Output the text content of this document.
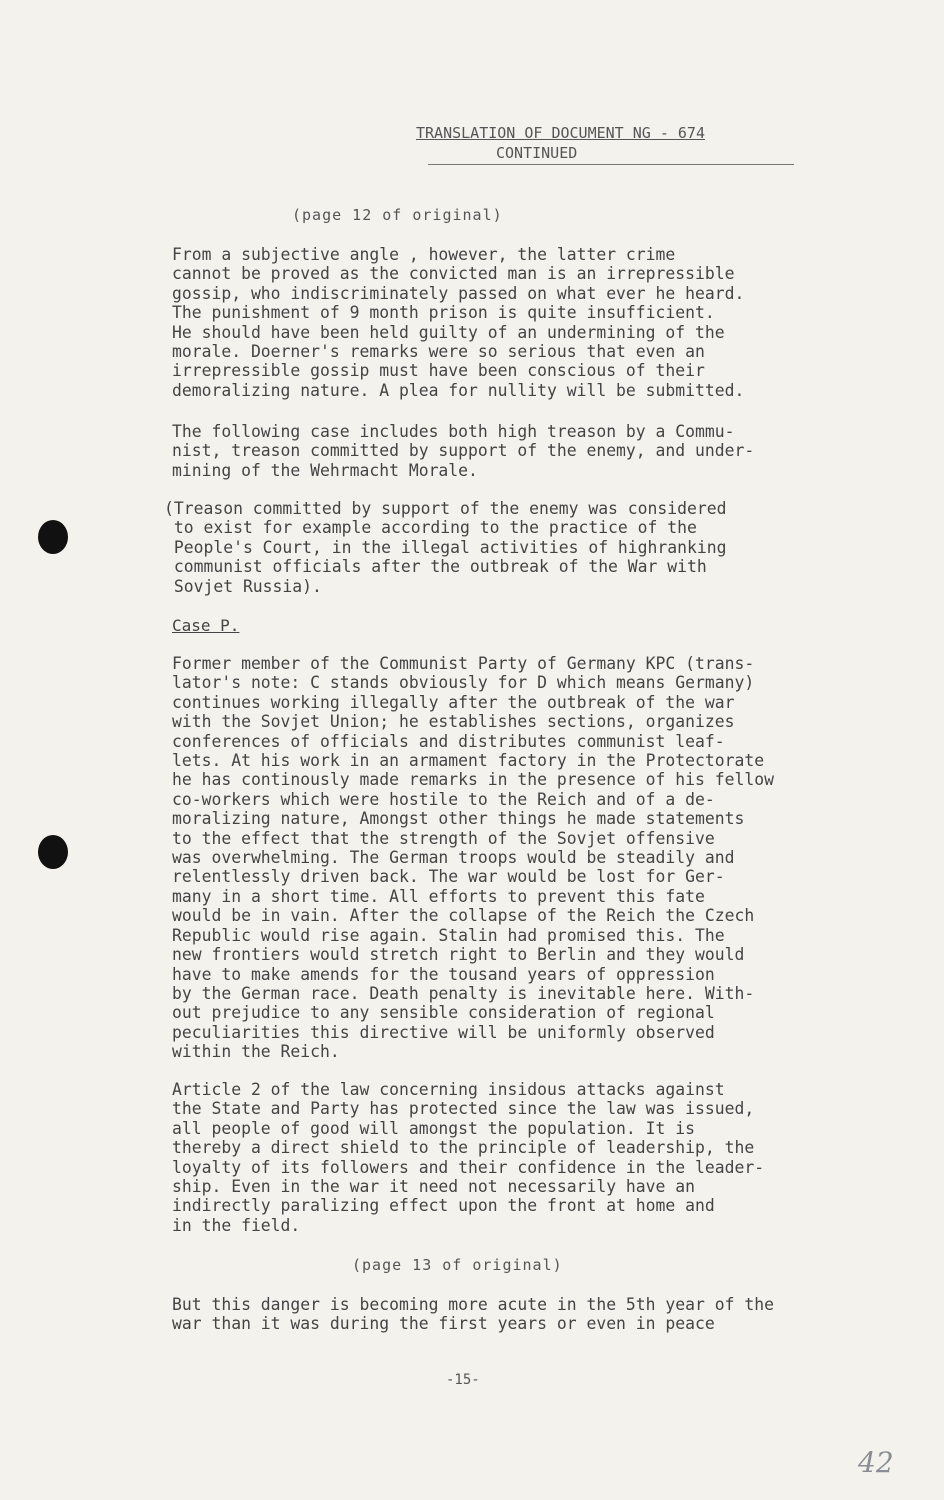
TRANSLATION OF DOCUMENT NG - 674
CONTINUED
(page 12 of original)
From a subjective angle , however, the latter crime
cannot be proved as the convicted man is an irrepressible
gossip, who indiscriminately passed on what ever he heard.
The punishment of 9 month prison is quite insufficient.
He should have been held guilty of an undermining of the
morale. Doerner's remarks were so serious that even an
irrepressible gossip must have been conscious of their
demoralizing nature. A plea for nullity will be submitted.
The following case includes both high treason by a Commu-
nist, treason committed by support of the enemy, and under-
mining of the Wehrmacht Morale.
(Treason committed by support of the enemy was considered
to exist for example according to the practice of the
People's Court, in the illegal activities of highranking
communist officials after the outbreak of the War with
Sovjet Russia).
Case P.
Former member of the Communist Party of Germany KPC (trans-
lator's note: C stands obviously for D which means Germany)
continues working illegally after the outbreak of the war
with the Sovjet Union; he establishes sections, organizes
conferences of officials and distributes communist leaf-
lets. At his work in an armament factory in the Protectorate
he has continously made remarks in the presence of his fellow
co-workers which were hostile to the Reich and of a de-
moralizing nature, Amongst other things he made statements
to the effect that the strength of the Sovjet offensive
was overwhelming. The German troops would be steadily and
relentlessly driven back. The war would be lost for Ger-
many in a short time. All efforts to prevent this fate
would be in vain. After the collapse of the Reich the Czech
Republic would rise again. Stalin had promised this. The
new frontiers would stretch right to Berlin and they would
have to make amends for the tousand years of oppression
by the German race. Death penalty is inevitable here. With-
out prejudice to any sensible consideration of regional
peculiarities this directive will be uniformly observed
within the Reich.
Article 2 of the law concerning insidous attacks against
the State and Party has protected since the law was issued,
all people of good will amongst the population. It is
thereby a direct shield to the principle of leadership, the
loyalty of its followers and their confidence in the leader-
ship. Even in the war it need not necessarily have an
indirectly paralizing effect upon the front at home and
in the field.
(page 13 of original)
But this danger is becoming more acute in the 5th year of the
war than it was during the first years or even in peace
-15-
42
